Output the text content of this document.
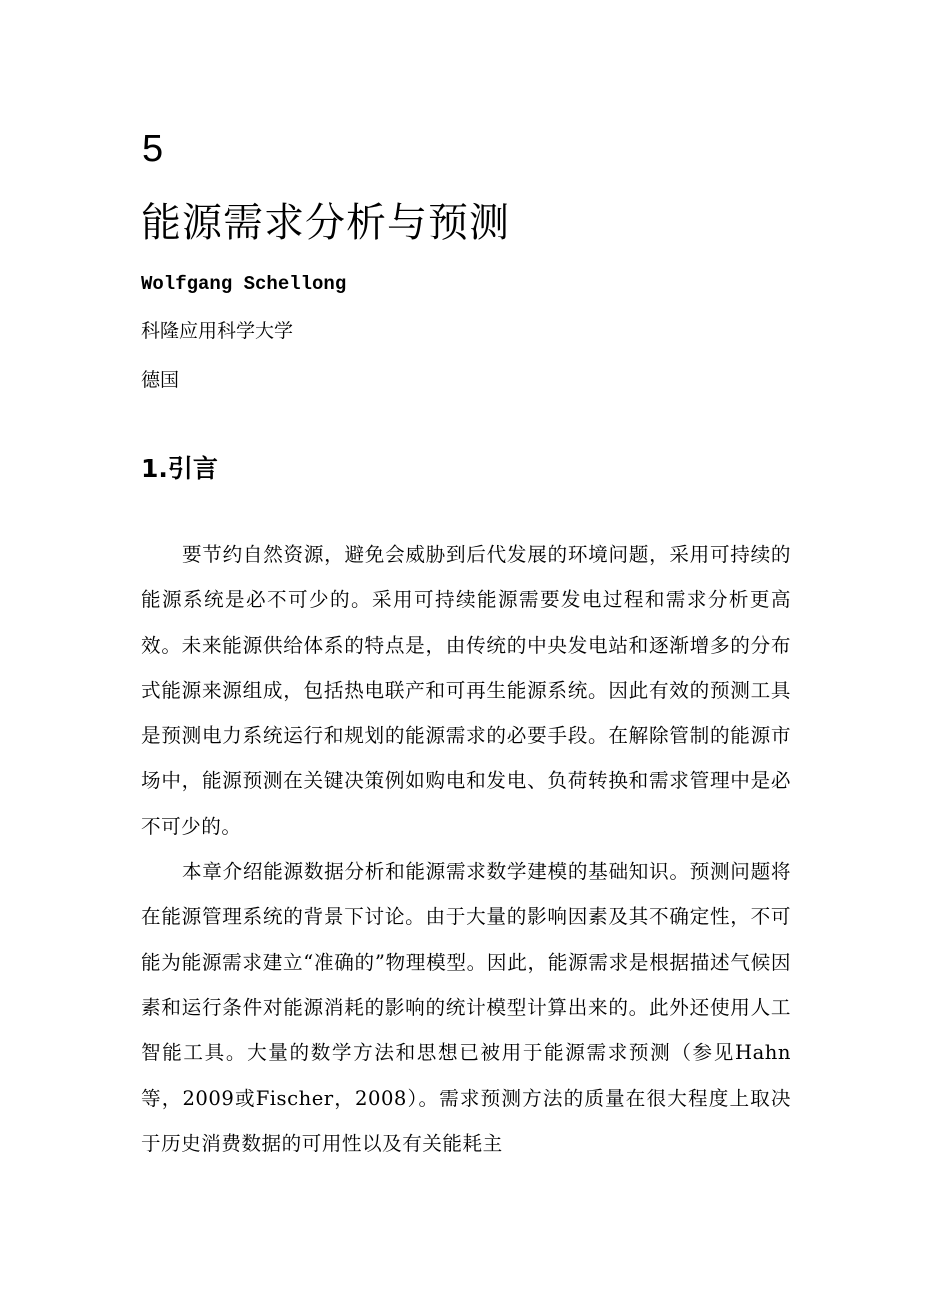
5
能源需求分析与预测
Wolfgang Schellong
科隆应用科学大学
德国
1.引言

要节约自然资源，避免会威胁到后代发展的环境问题，采用可持续的能源系统是必不可少的。采用可持续能源需要发电过程和需求分析更高效。未来能源供给体系的特点是，由传统的中央发电站和逐渐增多的分布式能源来源组成，包括热电联产和可再生能源系统。因此有效的预测工具是预测电力系统运行和规划的能源需求的必要手段。在解除管制的能源市场中，能源预测在关键决策例如购电和发电、负荷转换和需求管理中是必不可少的。

本章介绍能源数据分析和能源需求数学建模的基础知识。预测问题将在能源管理系统的背景下讨论。由于大量的影响因素及其不确定性，不可能为能源需求建立“准确的”物理模型。因此，能源需求是根据描述气候因素和运行条件对能源消耗的影响的统计模型计算出来的。此外还使用人工智能工具。大量的数学方法和思想已被用于能源需求预测（参见Hahn等，2009或Fischer，2008）。需求预测方法的质量在很大程度上取决于历史消费数据的可用性以及有关能耗主
